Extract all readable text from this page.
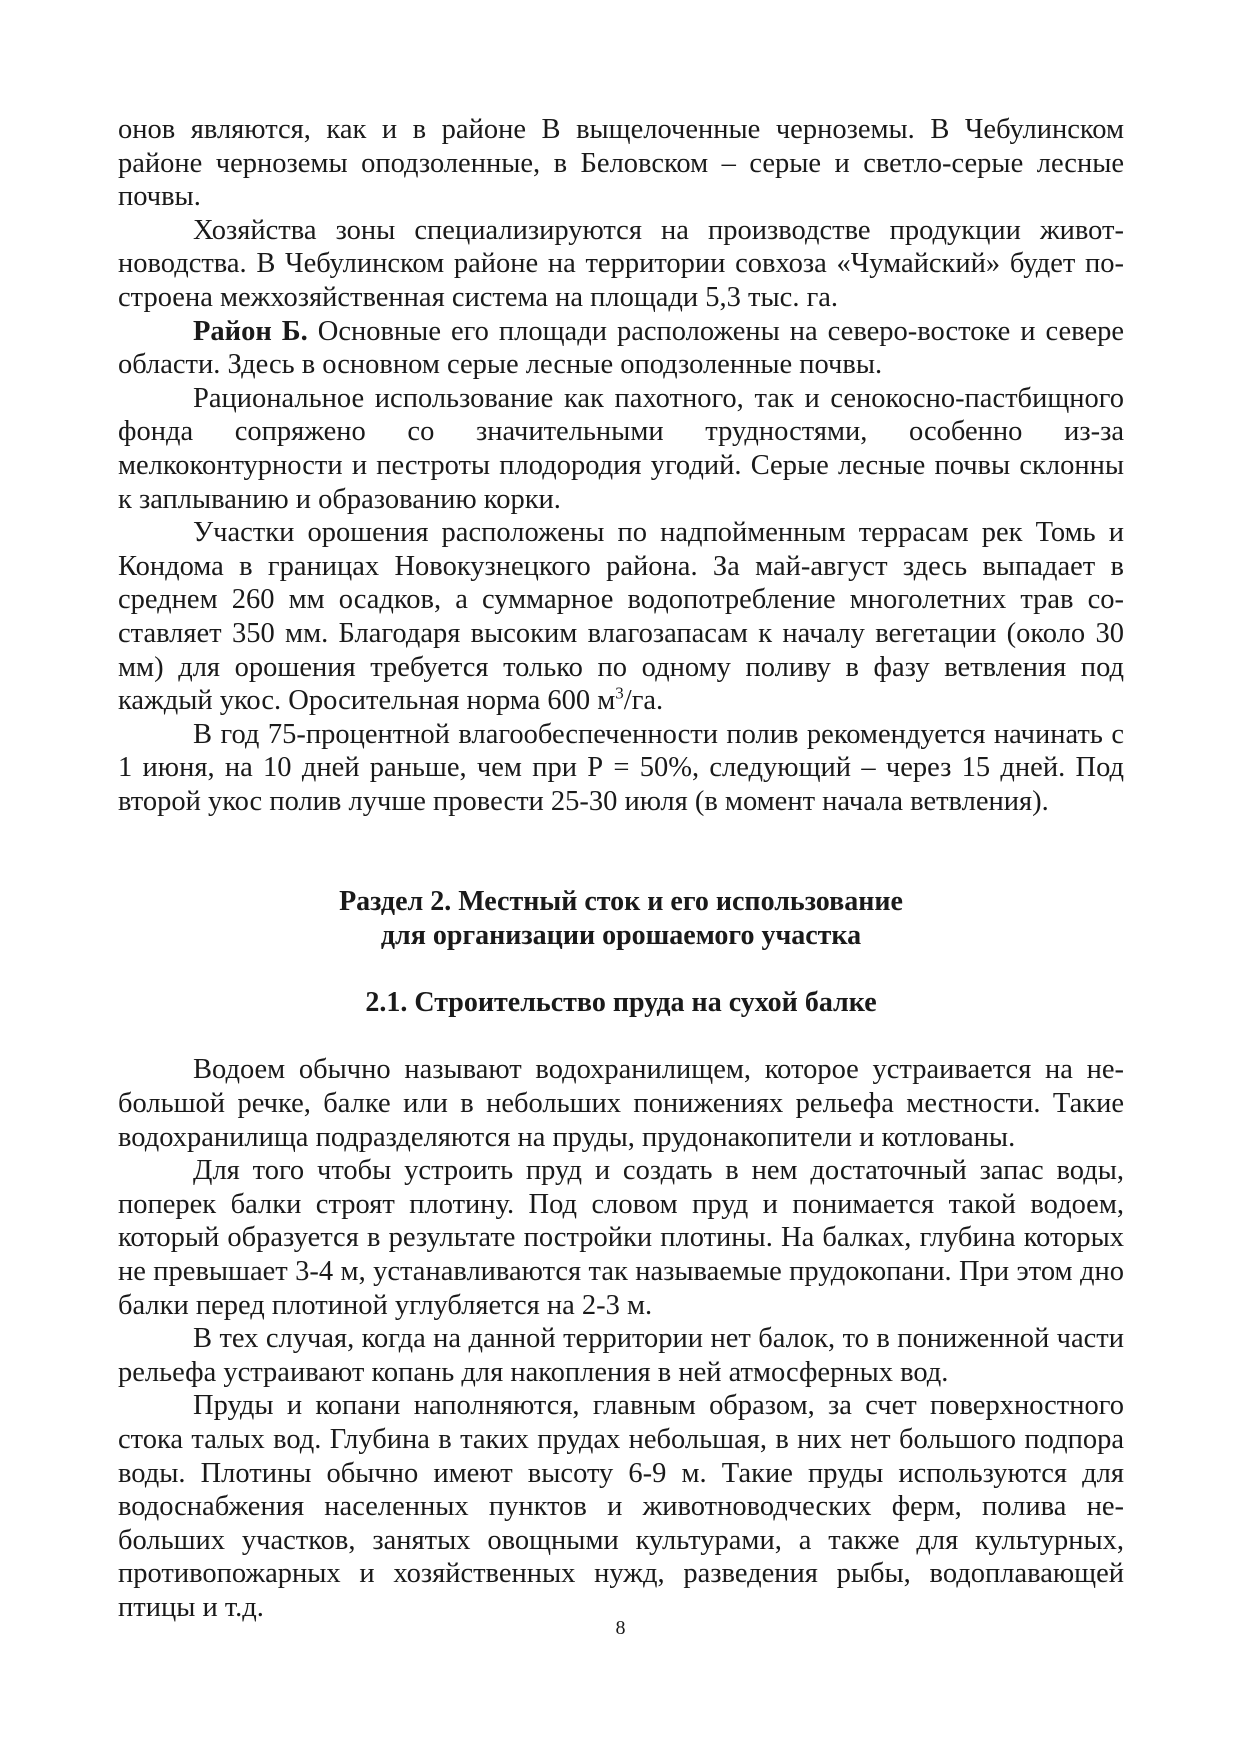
онов являются, как и в районе В выщелоченные черноземы. В Чебулинском районе черноземы оподзоленные, в Беловском – серые и светло-серые лесные почвы.

Хозяйства зоны специализируются на производстве продукции животноводства. В Чебулинском районе на территории совхоза «Чумайский» будет построена межхозяйственная система на площади 5,3 тыс. га.

Район Б. Основные его площади расположены на северо-востоке и севере области. Здесь в основном серые лесные оподзоленные почвы.

Рациональное использование как пахотного, так и сенокосно-пастбищного фонда сопряжено со значительными трудностями, особенно из-за мелкоконтурности и пестроты плодородия угодий. Серые лесные почвы склонны к заплыванию и образованию корки.

Участки орошения расположены по надпойменным террасам рек Томь и Кондома в границах Новокузнецкого района. За май-август здесь выпадает в среднем 260 мм осадков, а суммарное водопотребление многолетних трав составляет 350 мм. Благодаря высоким влагозапасам к началу вегетации (около 30 мм) для орошения требуется только по одному поливу в фазу ветвления под каждый укос. Оросительная норма 600 $м^3/га$.

В год 75-процентной влагообеспеченности полив рекомендуется начинать с 1 июня, на 10 дней раньше, чем при Р = 50%, следующий – через 15 дней. Под второй укос полив лучше провести 25-30 июля (в момент начала ветвления).

Раздел 2. Местный сток и его использование
для организации орошаемого участка
2.1. Строительство пруда на сухой балке

Водоем обычно называют водохранилищем, которое устраивается на небольшой речке, балке или в небольших понижениях рельефа местности. Такие водохранилища подразделяются на пруды, прудонакопители и котлованы.

Для того чтобы устроить пруд и создать в нем достаточный запас воды, поперек балки строят плотину. Под словом пруд и понимается такой водоем, который образуется в результате постройки плотины. На балках, глубина которых не превышает 3-4 м, устанавливаются так называемые прудокопани. При этом дно балки перед плотиной углубляется на 2-3 м.

В тех случая, когда на данной территории нет балок, то в пониженной части рельефа устраивают копань для накопления в ней атмосферных вод.

Пруды и копани наполняются, главным образом, за счет поверхностного стока талых вод. Глубина в таких прудах небольшая, в них нет большого подпора воды. Плотины обычно имеют высоту 6-9 м. Такие пруды используются для водоснабжения населенных пунктов и животноводческих ферм, полива небольших участков, занятых овощными культурами, а также для культурных, противопожарных и хозяйственных нужд, разведения рыбы, водоплавающей птицы и т.д.

8
